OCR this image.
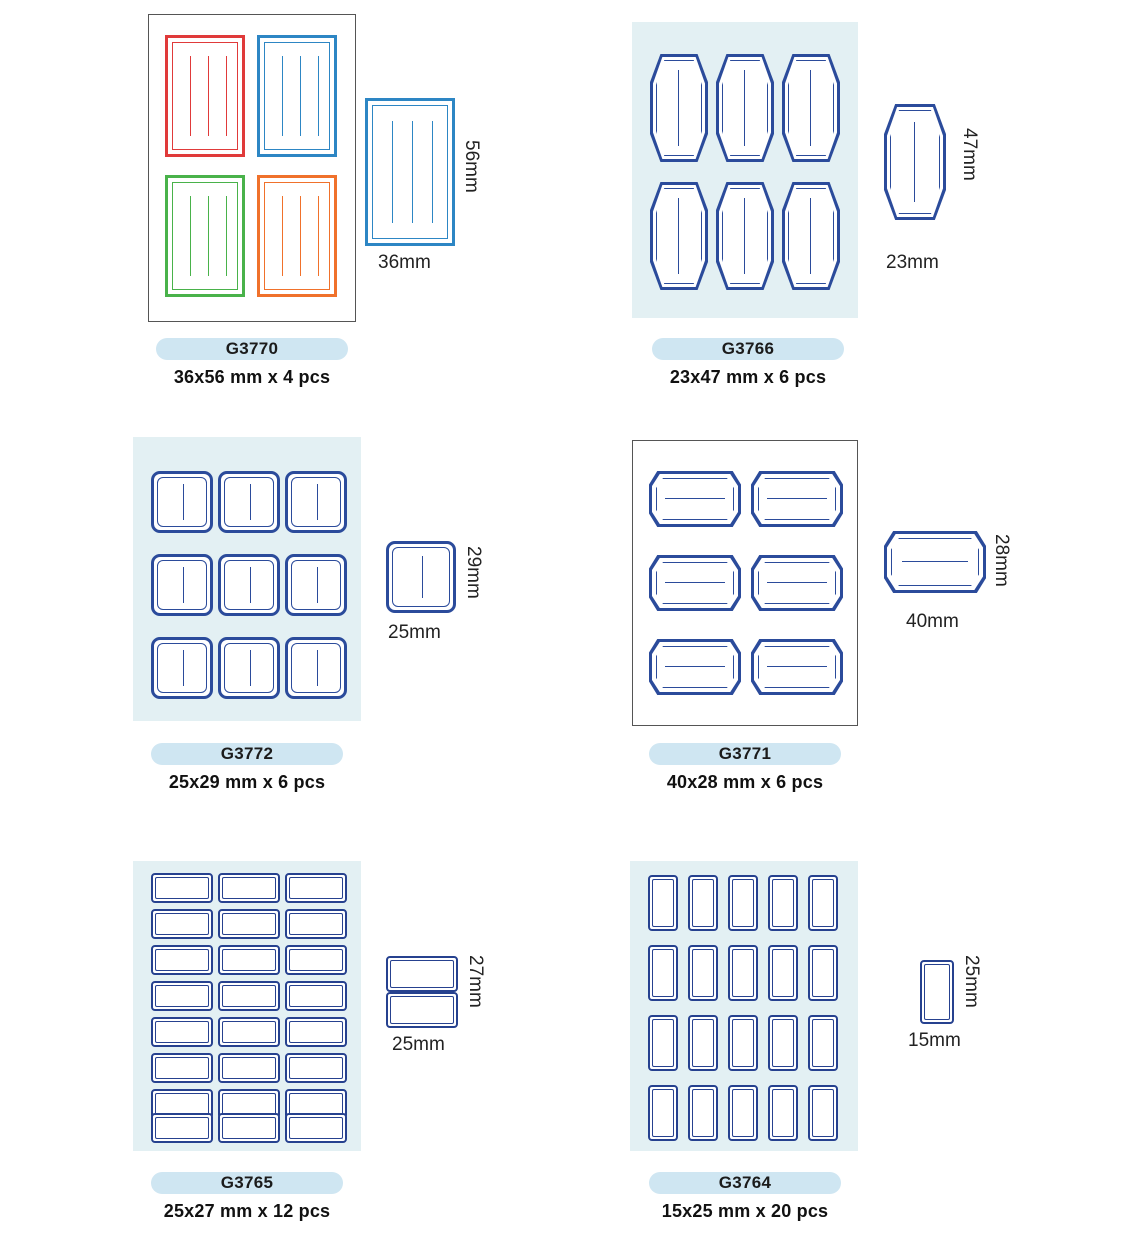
56mm
36mm
G3770
36x56 mm x 4 pcs
47mm
23mm
G3766
23x47 mm x 6 pcs
29mm
25mm
G3772
25x29 mm x 6 pcs
28mm
40mm
G3771
40x28 mm x 6 pcs
27mm
25mm
G3765
25x27 mm x 12 pcs
25mm
15mm
G3764
15x25 mm x 20 pcs
